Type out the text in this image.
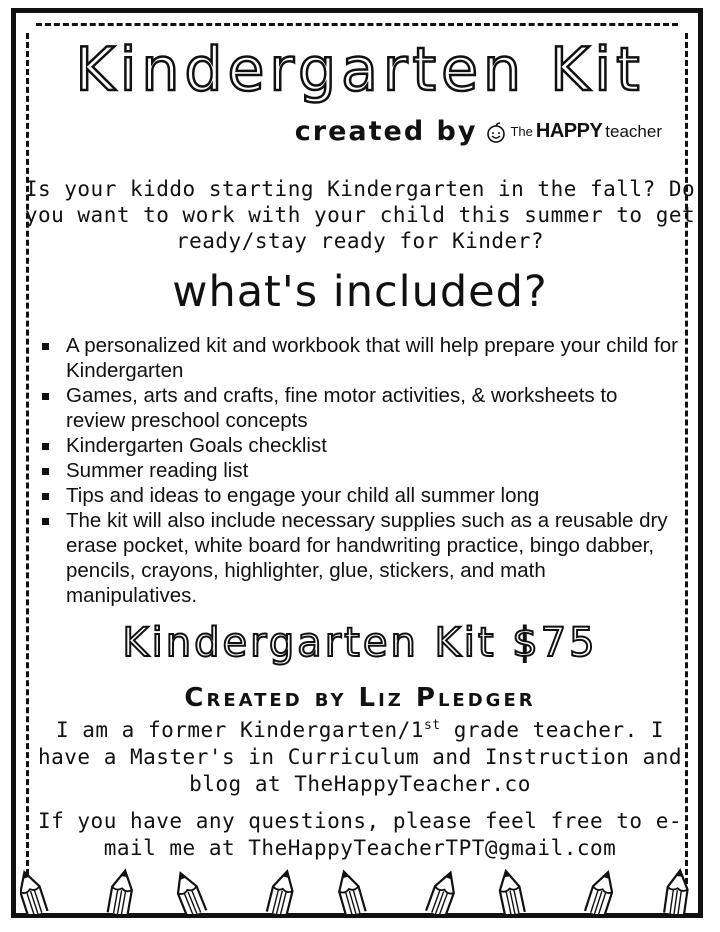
Kindergarten Kit
created by	The HAPPY teacher
Is your kiddo starting Kindergarten in the fall? Do you want to work with your child this summer to get ready/stay ready for Kinder?
what's included?
A personalized kit and workbook that will help prepare your child for Kindergarten
Games, arts and crafts, fine motor activities, & worksheets to review preschool concepts
Kindergarten Goals checklist
Summer reading list
Tips and ideas to engage your child all summer long
The kit will also include necessary supplies such as a reusable dry erase pocket, white board for handwriting practice, bingo dabber, pencils, crayons, highlighter, glue, stickers, and math manipulatives.
Kindergarten Kit $75
Created by Liz Pledger
I am a former Kindergarten/1st grade teacher. I have a Master's in Curriculum and Instruction and blog at TheHappyTeacher.co
If you have any questions, please feel free to e-mail me at TheHappyTeacherTPT@gmail.com
